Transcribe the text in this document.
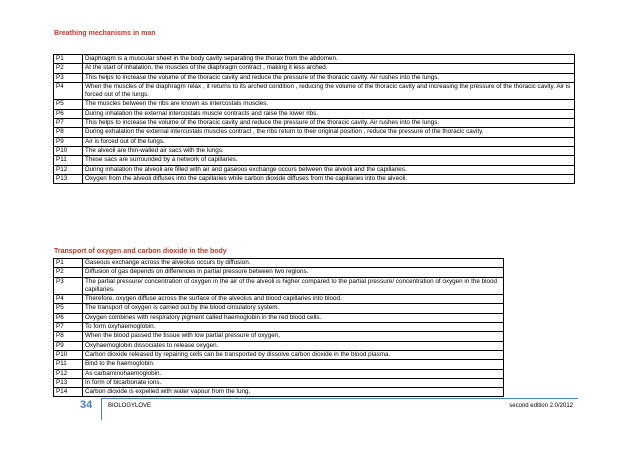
Breathing mechanisms in man
P1	Diaphragm is a muscular sheet in the body cavity separating the thorax from the abdomen.
P2	At the start of inhalation, the muscles of the diaphragm contract , making it less arched.
P3	This helps to increase the volume of the thoracic cavity and reduce the pressure of the thoracic cavity. Air rushes into the lungs.
P4	When the muscles of the diaphragm relax , it returns to its arched condition , reducing the volume of the thoracic cavity and increasing the pressure of the thoracic cavity. Air is forced out of the lungs.
P5	The muscles between the ribs are known as intercostals muscles.
P6	During inhalation the external intercostals muscle contracts and raise the lower ribs.
P7	This helps to increase the volume of the thoracic cavity and reduce the pressure of the thoracic cavity. Air rushes into the lungs.
P8	During exhalation the external intercostals muscles contract , the ribs return to their original position , reduce the pressure of the thoracic cavity.
P9	Air is forced out of the lungs.
P10	The alveoli are thin-walled air sacs with the lungs.
P11	These sacs are surrounded by a network of capillaries.
P12	During inhalation the alveoli are filled with air and gaseous exchange occurs between the alveoli and the capillaries.
P13	Oxygen from the alveoli diffuses into the capillaries while carbon dioxide diffuses from the capillaries into the alveoli.
Transport of oxygen and carbon dioxide in the body
P1	Gaseous exchange across the alveolus occurs by diffusion.
P2	Diffusion of gas depends on differences in partial pressure between two regions.
P3	The partial pressure/ concentration of oxygen in the air of the alveoli is higher compared to the partial pressure/ concentration of oxygen in the blood capillaries.
P4	Therefore, oxygen diffuse across the surface of the alveolus and blood capillaries into blood.
P5	The transport of oxygen is carried out by the blood circulatory system.
P6	Oxygen combines with respiratory pigment called haemoglobin in the red blood cells.
P7	To form oxyhaemoglobin.
P8	When the blood passed the tissue with low partial pressure of oxygen,
P9	Oxyhaemoglobin dissociates to release oxygen.
P10	Carbon dioxide released by repairing cells can be transported by dissolve carbon dioxide in the blood plasma.
P11	Bind to the haemoglobin.
P12	As carbaminohaemoglobin.
P13	In form of bicarbonate ions.
P14	Carbon dioxide is expelled with water vapour from the lung.
34	BIOLOGYLOVE	second edition 2.0/2012
